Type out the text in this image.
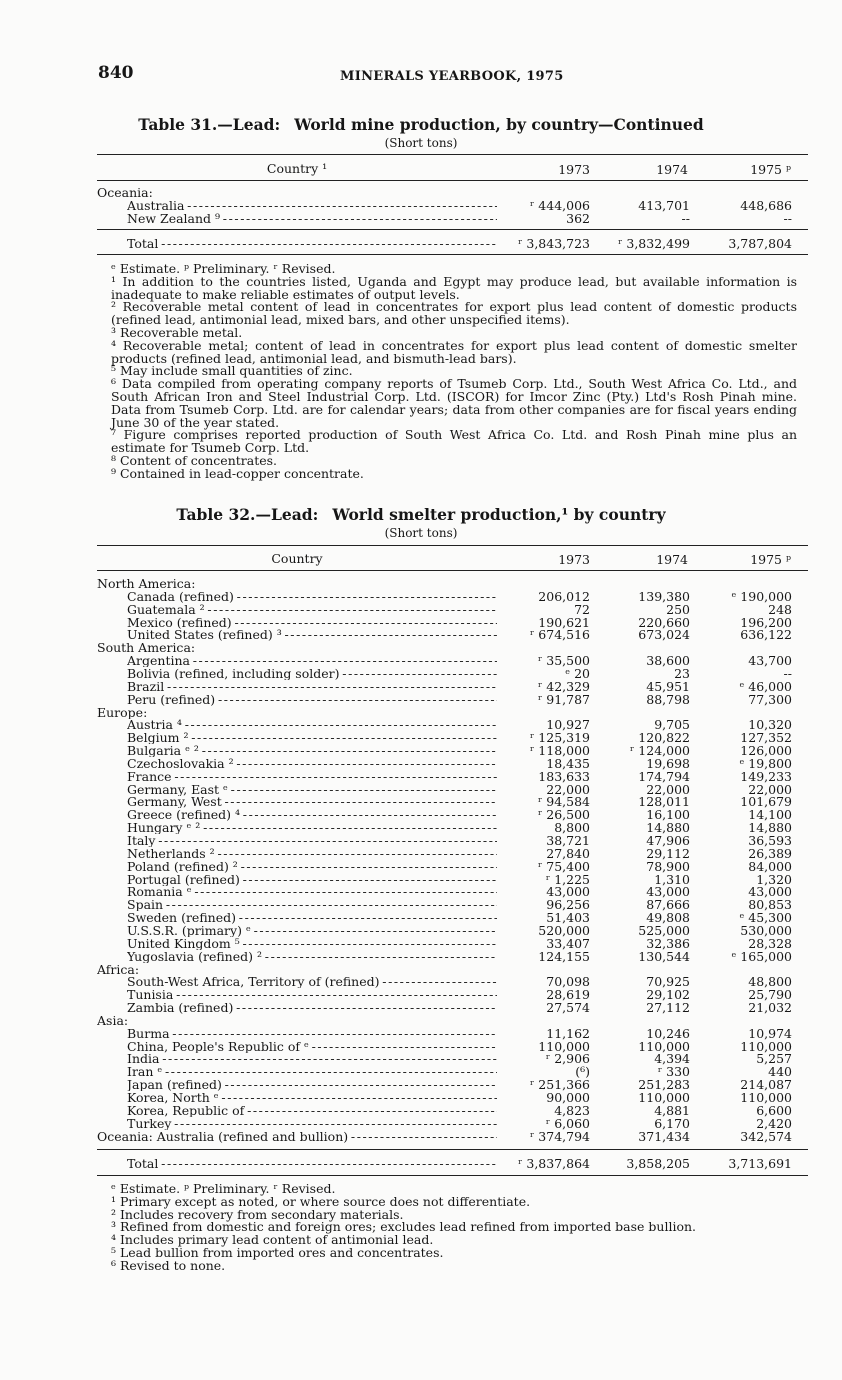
840	MINERALS YEARBOOK, 1975
Table 31.—Lead: World mine production, by country—Continued
(Short tons)
Country ¹	1973	1974	1975 ᵖ
Oceania:
Australia - - -	ʳ 444,006	413,701	448,686
New Zealand ⁹ - - -	362	--	--
Total - - -	ʳ 3,843,723	ʳ 3,832,499	3,787,804
ᵉ Estimate. ᵖ Preliminary. ʳ Revised.
¹ In addition to the countries listed, Uganda and Egypt may produce lead, but available information is inadequate to make reliable estimates of output levels.
² Recoverable metal content of lead in concentrates for export plus lead content of domestic products (refined lead, antimonial lead, mixed bars, and other unspecified items).
³ Recoverable metal.
⁴ Recoverable metal; content of lead in concentrates for export plus lead content of domestic smelter products (refined lead, antimonial lead, and bismuth-lead bars).
⁵ May include small quantities of zinc.
⁶ Data compiled from operating company reports of Tsumeb Corp. Ltd., South West Africa Co. Ltd., and South African Iron and Steel Industrial Corp. Ltd. (ISCOR) for Imcor Zinc (Pty.) Ltd's Rosh Pinah mine. Data from Tsumeb Corp. Ltd. are for calendar years; data from other companies are for fiscal years ending June 30 of the year stated.
⁷ Figure comprises reported production of South West Africa Co. Ltd. and Rosh Pinah mine plus an estimate for Tsumeb Corp. Ltd.
⁸ Content of concentrates.
⁹ Contained in lead-copper concentrate.
Table 32.—Lead: World smelter production,¹ by country
(Short tons)
Country	1973	1974	1975 ᵖ
North America:
Canada (refined) - - -	206,012	139,380	ᵉ 190,000
Guatemala ² - - -	72	250	248
Mexico (refined) - - -	190,621	220,660	196,200
United States (refined) ³ - - -	ʳ 674,516	673,024	636,122
South America:
Argentina - - -	ʳ 35,500	38,600	43,700
Bolivia (refined, including solder) - - -	ᵉ 20	23	--
Brazil - - -	ʳ 42,329	45,951	ᵉ 46,000
Peru (refined) - - -	ʳ 91,787	88,798	77,300
Europe:
Austria ⁴ - - -	10,927	9,705	10,320
Belgium ² - - -	ʳ 125,319	120,822	127,352
Bulgaria ᵉ ² - - -	ʳ 118,000	ʳ 124,000	126,000
Czechoslovakia ² - - -	18,435	19,698	ᵉ 19,800
France - - -	183,633	174,794	149,233
Germany, East ᵉ - - -	22,000	22,000	22,000
Germany, West - - -	ʳ 94,584	128,011	101,679
Greece (refined) ⁴ - - -	ʳ 26,500	16,100	14,100
Hungary ᵉ ² - - -	8,800	14,880	14,880
Italy - - -	38,721	47,906	36,593
Netherlands ² - - -	27,840	29,112	26,389
Poland (refined) ² - - -	ʳ 75,400	78,900	84,000
Portugal (refined) - - -	ʳ 1,225	1,310	1,320
Romania ᵉ - - -	43,000	43,000	43,000
Spain - - -	96,256	87,666	80,853
Sweden (refined) - - -	51,403	49,808	ᵉ 45,300
U.S.S.R. (primary) ᵉ - - -	520,000	525,000	530,000
United Kingdom ⁵ - - -	33,407	32,386	28,328
Yugoslavia (refined) ² - - -	124,155	130,544	ᵉ 165,000
Africa:
South-West Africa, Territory of (refined) - - -	70,098	70,925	48,800
Tunisia - - -	28,619	29,102	25,790
Zambia (refined) - - -	27,574	27,112	21,032
Asia:
Burma - - -	11,162	10,246	10,974
China, People's Republic of ᵉ - - -	110,000	110,000	110,000
India - - -	ʳ 2,906	4,394	5,257
Iran ᵉ - - -	(⁶)	ʳ 330	440
Japan (refined) - - -	ʳ 251,366	251,283	214,087
Korea, North ᵉ - - -	90,000	110,000	110,000
Korea, Republic of - - -	4,823	4,881	6,600
Turkey - - -	ʳ 6,060	6,170	2,420
Oceania: Australia (refined and bullion) - - -	ʳ 374,794	371,434	342,574
Total - - -	ʳ 3,837,864	3,858,205	3,713,691
ᵉ Estimate. ᵖ Preliminary. ʳ Revised.
¹ Primary except as noted, or where source does not differentiate.
² Includes recovery from secondary materials.
³ Refined from domestic and foreign ores; excludes lead refined from imported base bullion.
⁴ Includes primary lead content of antimonial lead.
⁵ Lead bullion from imported ores and concentrates.
⁶ Revised to none.
